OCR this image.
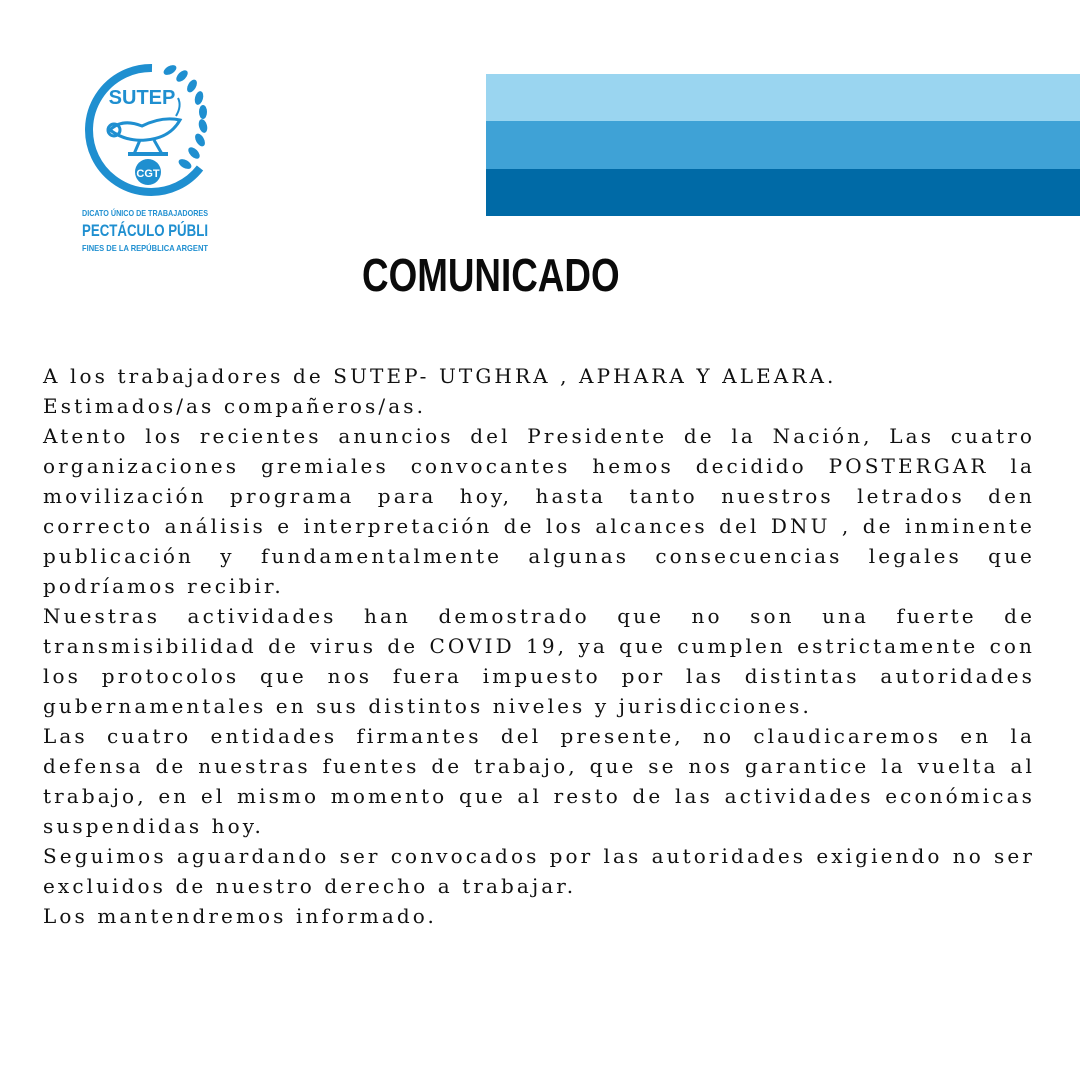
SUTEP
CGT
DICATO ÚNICO DE TRABAJADORES
PECTÁCULO PÚBLI
FINES DE LA REPÚBLICA ARGENT
COMUNICADO

A los trabajadores de SUTEP- UTGHRA , APHARA Y ALEARA.

Estimados/as compañeros/as.

Atento los recientes anuncios del Presidente de la Nación, Las cuatro organizaciones gremiales convocantes hemos decidido POSTERGAR la movilización programa para hoy, hasta tanto nuestros letrados den correcto análisis e interpretación de los alcances del DNU , de inminente publicación y fundamentalmente algunas consecuencias legales que podríamos recibir.

Nuestras actividades han demostrado que no son una fuerte de transmisibilidad de virus de COVID 19, ya que cumplen estrictamente con los protocolos que nos fuera impuesto por las distintas autoridades gubernamentales en sus distintos niveles y jurisdicciones.

Las cuatro entidades firmantes del presente, no claudicaremos en la defensa de nuestras fuentes de trabajo, que se nos garantice la vuelta al trabajo, en el mismo momento que al resto de las actividades económicas suspendidas hoy.

Seguimos aguardando ser convocados por las autoridades exigiendo no ser excluidos de nuestro derecho a trabajar.

Los mantendremos informado.
